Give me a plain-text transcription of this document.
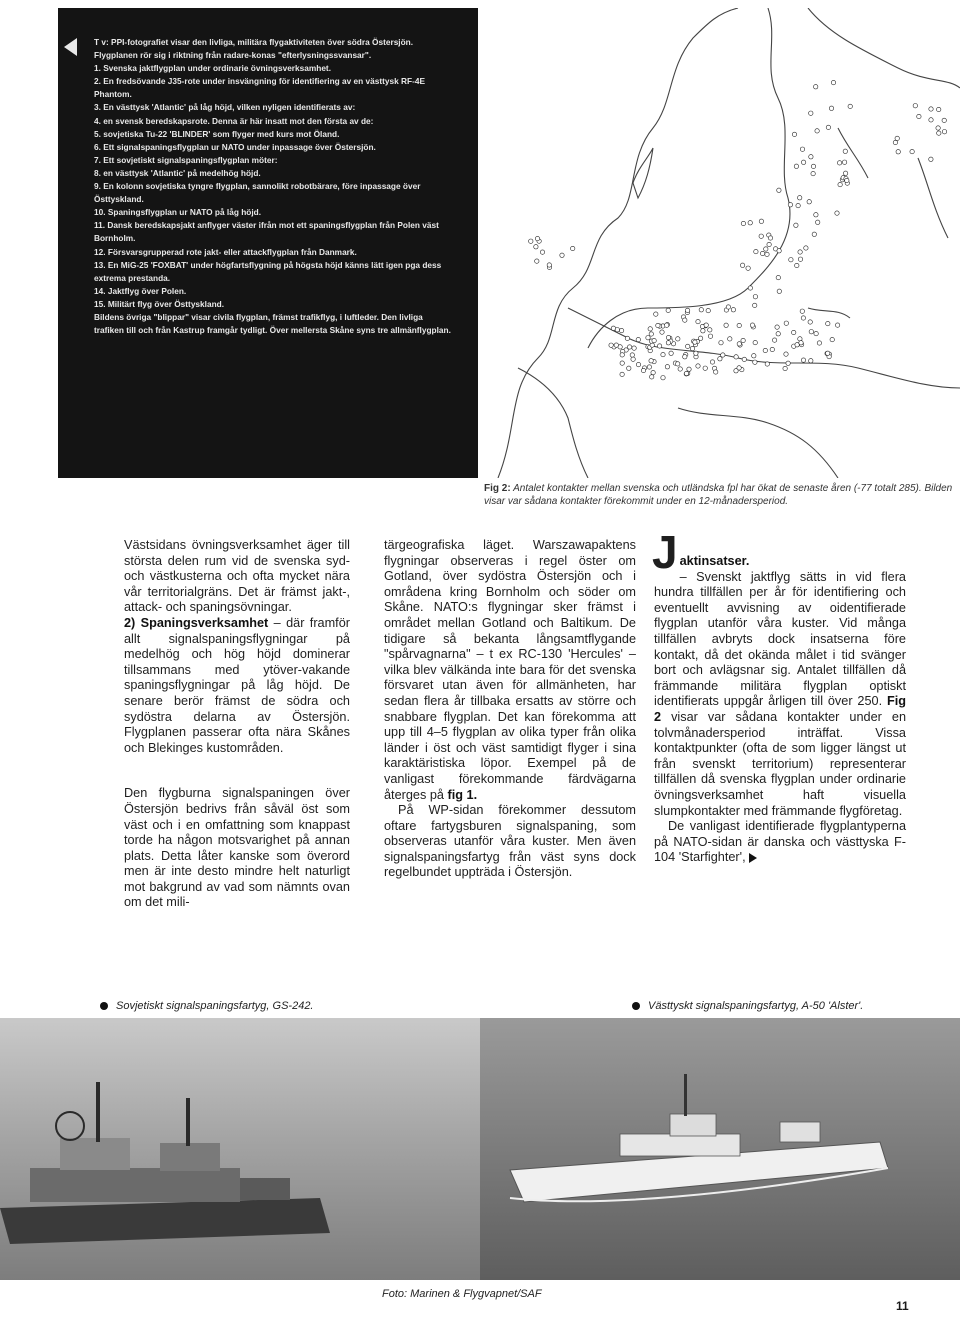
T v: PPI-fotografiet visar den livliga, militära flygaktiviteten över södra Östersjön. Flygplanen rör sig i riktning från radare-konas "efterlysningssvansar".

1. Svenska jaktflygplan under ordinarie övningsverksamhet.

2. En fredsövande J35-rote under insvängning för identifiering av en västtysk RF-4E Phantom.

3. En västtysk 'Atlantic' på låg höjd, vilken nyligen identifierats av:

4. en svensk beredskapsrote. Denna är här insatt mot den första av de:

5. sovjetiska Tu-22 'BLINDER' som flyger med kurs mot Öland.

6. Ett signalspaningsflygplan ur NATO under inpassage över Östersjön.

7. Ett sovjetiskt signalspaningsflygplan möter:

8. en västtysk 'Atlantic' på medelhög höjd.

9. En kolonn sovjetiska tyngre flygplan, sannolikt robotbärare, före inpassage över Östtyskland.

10. Spaningsflygplan ur NATO på låg höjd.

11. Dansk beredskapsjakt anflyger väster ifrån mot ett spaningsflygplan från Polen väst Bornholm.

12. Försvarsgrupperad rote jakt- eller attackflygplan från Danmark.

13. En MiG-25 'FOXBAT' under högfartsflygning på högsta höjd känns lätt igen pga dess extrema prestanda.

14. Jaktflyg över Polen.

15. Militärt flyg över Östtyskland.

Bildens övriga "blippar" visar civila flygplan, främst trafikflyg, i luftleder. Den livliga trafiken till och från Kastrup framgår tydligt. Över mellersta Skåne syns tre allmänflygplan.

Fig 2: Antalet kontakter mellan svenska och utländska fpl har ökat de senaste åren (-77 totalt 285). Bilden visar var sådana kontakter förekommit under en 12-månadersperiod.

Västsidans övningsverksamhet äger till största delen rum vid de svenska syd- och västkusterna och ofta mycket nära vår territorialgräns. Det är främst jakt-, attack- och spaningsövningar.

2) Spaningsverksamhet – där framför allt signalspaningsflygningar på medelhög och hög höjd dominerar tillsammans med ytöver-vakande spaningsflygningar på låg höjd. De senare berör främst de södra och sydöstra delarna av Östersjön. Flygplanen passerar ofta nära Skånes och Blekinges kustområden.

Den flygburna signalspaningen över Östersjön bedrivs från såväl öst som väst och i en omfattning som knappast torde ha någon motsvarighet på annan plats. Detta låter kanske som överord men är inte desto mindre helt naturligt mot bakgrund av vad som nämnts ovan om det mili-

tärgeografiska läget. Warszawapaktens flygningar observeras i regel öster om Gotland, över sydöstra Östersjön och i områdena kring Bornholm och söder om Skåne. NATO:s flygningar sker främst i området mellan Gotland och Baltikum. De tidigare så bekanta långsamtflygande "spårvagnarna" – t ex RC-130 'Hercules' – vilka blev välkända inte bara för det svenska försvaret utan även för allmänheten, har sedan flera år tillbaka ersatts av större och snabbare flygplan. Det kan förekomma att upp till 4–5 flygplan av olika typer från olika länder i öst och väst samtidigt flyger i sina karaktäristiska löpor. Exempel på de vanligast förekommande färdvägarna återges på fig 1.

På WP-sidan förekommer dessutom oftare fartygsburen signalspaning, som observeras utanför våra kuster. Men även signalspaningsfartyg från väst syns dock regelbundet uppträda i Östersjön.

J aktinsatser.
– Svenskt jaktflyg sätts in vid flera hundra tillfällen per år för identifiering och eventuellt avvisning av oidentifierade flygplan utanför våra kuster. Vid många tillfällen avbryts dock insatserna före kontakt, då det okända målet i tid svänger bort och avlägsnar sig. Antalet tillfällen då främmande militära flygplan optiskt identifierats uppgår årligen till över 250. Fig 2 visar var sådana kontakter under en tolvmånadersperiod inträffat. Vissa kontaktpunkter (ofta de som ligger längst ut från svenskt territorium) representerar tillfällen då svenska flygplan under ordinarie övningsverksamhet haft visuella slumpkontakter med främmande flygföretag.

De vanligast identifierade flygplantyperna på NATO-sidan är danska och västtyska F-104 'Starfighter',

Sovjetiskt signalspaningsfartyg, GS-242.	Västtyskt signalspaningsfartyg, A-50 'Alster'.
Foto: Marinen & Flygvapnet/SAF
11
